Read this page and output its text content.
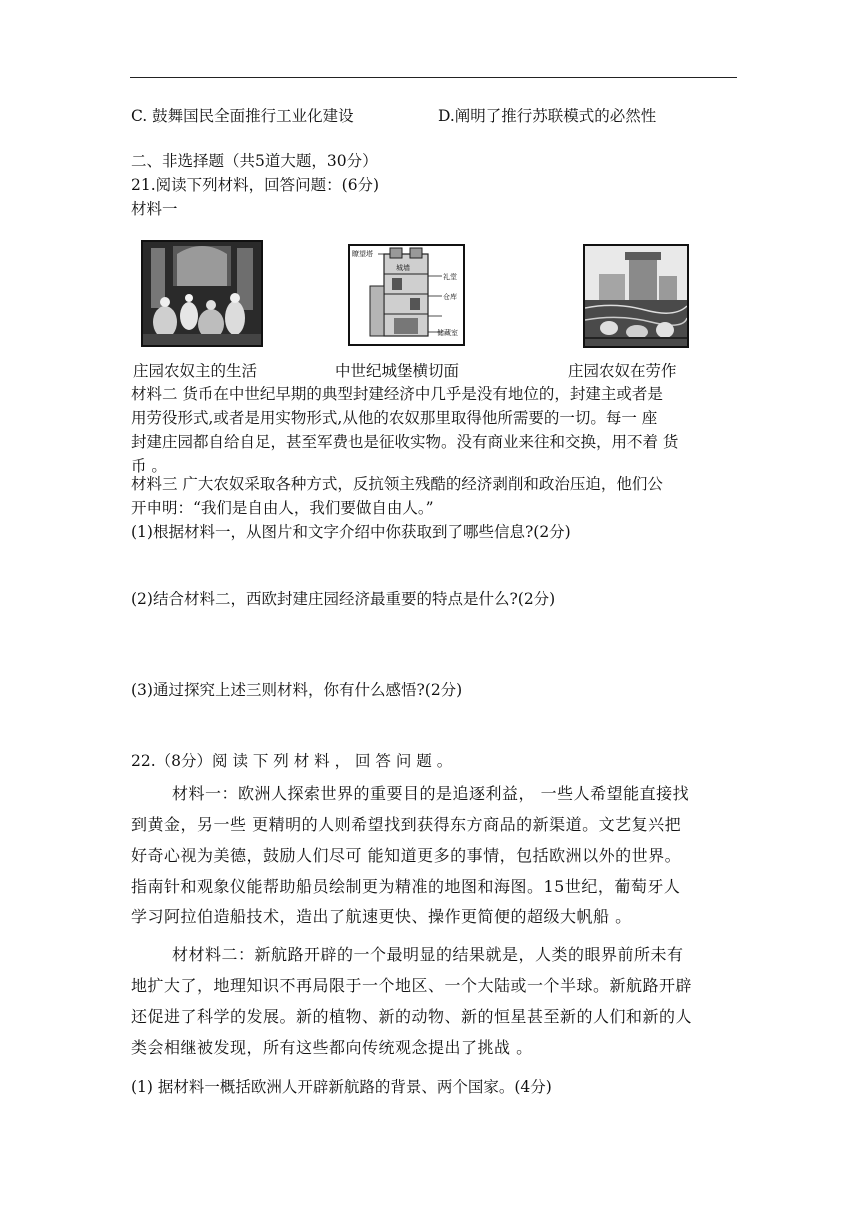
C. 鼓舞国民全面推行工业化建设	D.阐明了推行苏联模式的必然性
二、非选择题（共5道大题，30分）
21.阅读下列材料，回答问题：(6分)
材料一
瞭望塔
城墙
礼堂
仓库
储藏室
庄园农奴主的生活	中世纪城堡横切面	庄园农奴在劳作
材料二 货币在中世纪早期的典型封建经济中几乎是没有地位的，封建主或者是
用劳役形式,或者是用实物形式,从他的农奴那里取得他所需要的一切。每一 座
封建庄园都自给自足，甚至军费也是征收实物。没有商业来往和交换，用不着 货
币 。
材料三 广大农奴采取各种方式，反抗领主残酷的经济剥削和政治压迫，他们公
开申明：“我们是自由人，我们要做自由人。”
(1)根据材料一，从图片和文字介绍中你获取到了哪些信息?(2分)
(2)结合材料二，西欧封建庄园经济最重要的特点是什么?(2分)
(3)通过探究上述三则材料，你有什么感悟?(2分)
22.（8分）阅 读 下 列 材 料 ， 回 答 问 题 。
材料一：欧洲人探索世界的重要目的是追逐利益， 一些人希望能直接找
到黄金，另一些 更精明的人则希望找到获得东方商品的新渠道。文艺复兴把
好奇心视为美德，鼓励人们尽可 能知道更多的事情，包括欧洲以外的世界。
指南针和观象仪能帮助船员绘制更为精准的地图和海图。15世纪，葡萄牙人
学习阿拉伯造船技术，造出了航速更快、操作更简便的超级大帆船 。
材材料二：新航路开辟的一个最明显的结果就是，人类的眼界前所未有
地扩大了，地理知识不再局限于一个地区、一个大陆或一个半球。新航路开辟
还促进了科学的发展。新的植物、新的动物、新的恒星甚至新的人们和新的人
类会相继被发现，所有这些都向传统观念提出了挑战 。
(1) 据材料一概括欧洲人开辟新航路的背景、两个国家。(4分)
